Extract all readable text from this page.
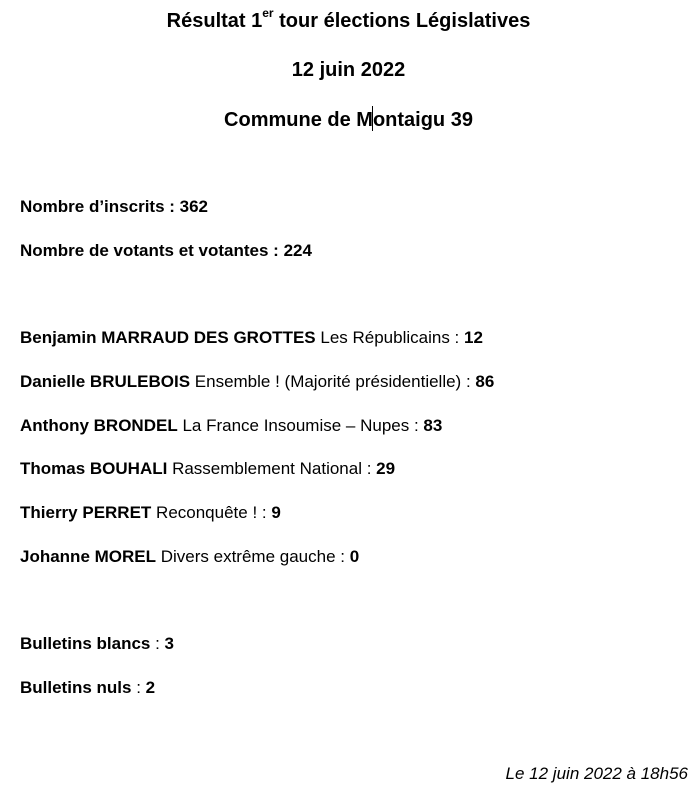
Résultat 1er tour élections Législatives
12 juin 2022
Commune de Montaigu 39
Nombre d’inscrits : 362
Nombre de votants et votantes : 224
Benjamin MARRAUD DES GROTTES Les Républicains : 12
Danielle BRULEBOIS Ensemble ! (Majorité présidentielle) : 86
Anthony BRONDEL La France Insoumise – Nupes : 83
Thomas BOUHALI Rassemblement National : 29
Thierry PERRET Reconquête ! : 9
Johanne MOREL Divers extrême gauche : 0
Bulletins blancs : 3
Bulletins nuls : 2
Le 12 juin 2022 à 18h56
